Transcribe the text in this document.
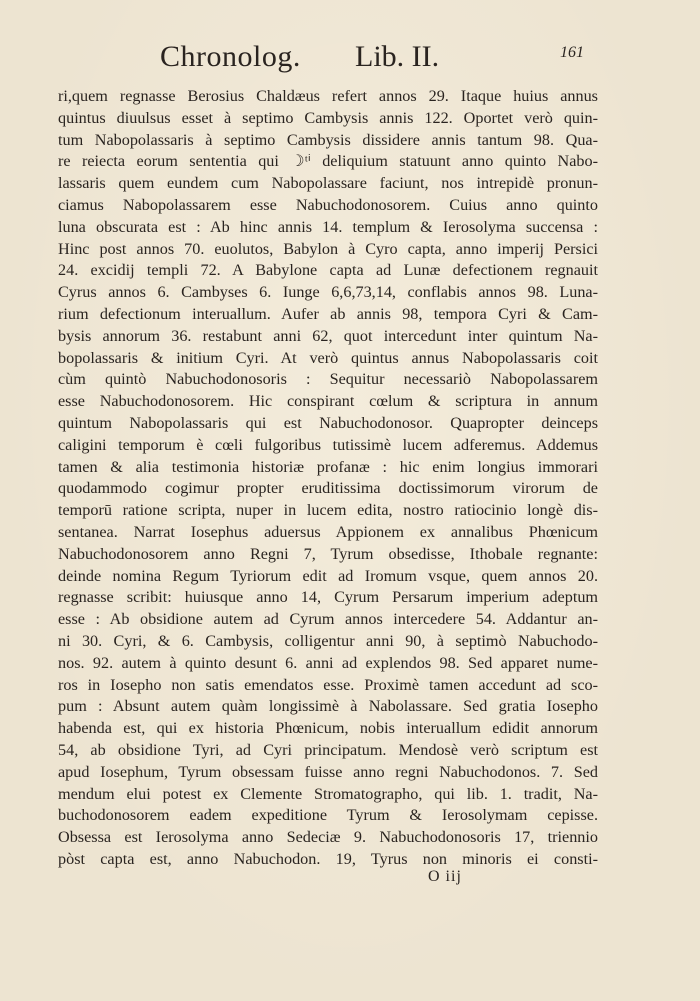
Chronolog. Lib. II.	161
ri,quem regnasse Berosius Chaldæus refert annos 29. Itaque huius annus
quintus diuulsus esset à septimo Cambysis annis 122. Oportet verò quin-
tum Nabopolassaris à septimo Cambysis dissidere annis tantum 98. Qua-
re reiecta eorum sententia qui ☽ᵗⁱ deliquium statuunt anno quinto Nabo-
lassaris quem eundem cum Nabopolassare faciunt, nos intrepidè pronun-
ciamus Nabopolassarem esse Nabuchodonosorem. Cuius anno quinto
luna obscurata est : Ab hinc annis 14. templum & Ierosolyma succensa :
Hinc post annos 70. euolutos, Babylon à Cyro capta, anno imperij Persici
24. excidij templi 72. A Babylone capta ad Lunæ defectionem regnauit
Cyrus annos 6. Cambyses 6. Iunge 6,6,73,14, conflabis annos 98. Luna-
rium defectionum interuallum. Aufer ab annis 98, tempora Cyri & Cam-
bysis annorum 36. restabunt anni 62, quot intercedunt inter quintum Na-
bopolassaris & initium Cyri. At verò quintus annus Nabopolassaris coit
cùm quintò Nabuchodonosoris : Sequitur necessariò Nabopolassarem
esse Nabuchodonosorem. Hic conspirant cœlum & scriptura in annum
quintum Nabopolassaris qui est Nabuchodonosor. Quapropter deinceps
caligini temporum è cœli fulgoribus tutissimè lucem adferemus. Addemus
tamen & alia testimonia historiæ profanæ : hic enim longius immorari
quodammodo cogimur propter eruditissima doctissimorum virorum de
temporū ratione scripta, nuper in lucem edita, nostro ratiocinio longè dis-
sentanea. Narrat Iosephus aduersus Appionem ex annalibus Phœnicum
Nabuchodonosorem anno Regni 7, Tyrum obsedisse, Ithobale regnante:
deinde nomina Regum Tyriorum edit ad Iromum vsque, quem annos 20.
regnasse scribit: huiusque anno 14, Cyrum Persarum imperium adeptum
esse : Ab obsidione autem ad Cyrum annos intercedere 54. Addantur an-
ni 30. Cyri, & 6. Cambysis, colligentur anni 90, à septimò Nabuchodo-
nos. 92. autem à quinto desunt 6. anni ad explendos 98. Sed apparet nume-
ros in Iosepho non satis emendatos esse. Proximè tamen accedunt ad sco-
pum : Absunt autem quàm longissimè à Nabolassare. Sed gratia Iosepho
habenda est, qui ex historia Phœnicum, nobis interuallum edidit annorum
54, ab obsidione Tyri, ad Cyri principatum. Mendosè verò scriptum est
apud Iosephum, Tyrum obsessam fuisse anno regni Nabuchodonos. 7. Sed
mendum elui potest ex Clemente Stromatographo, qui lib. 1. tradit, Na-
buchodonosorem eadem expeditione Tyrum & Ierosolymam cepisse.
Obsessa est Ierosolyma anno Sedeciæ 9. Nabuchodonosoris 17, triennio
pòst capta est, anno Nabuchodon. 19, Tyrus non minoris ei consti-
O iij
